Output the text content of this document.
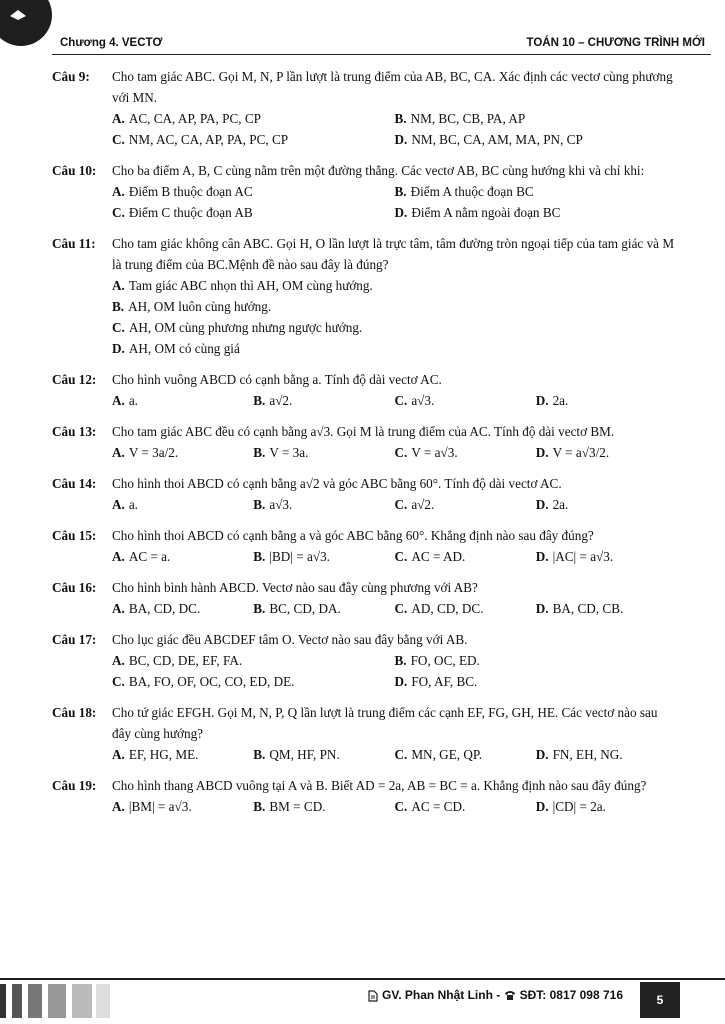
Chương 4. VECTƠ	TOÁN 10 – CHƯƠNG TRÌNH MỚI
Câu 9: Cho tam giác ABC. Gọi M, N, P lần lượt là trung điểm của AB, BC, CA. Xác định các vectơ cùng phương với MN.
A. AC, CA, AP, PA, PC, CP	B. NM, BC, CB, PA, AP
C. NM, AC, CA, AP, PA, PC, CP	D. NM, BC, CA, AM, MA, PN, CP
Câu 10: Cho ba điểm A, B, C cùng nằm trên một đường thẳng. Các vectơ AB, BC cùng hướng khi và chỉ khi:
A. Điểm B thuộc đoạn AC	B. Điểm A thuộc đoạn BC
C. Điểm C thuộc đoạn AB	D. Điểm A nằm ngoài đoạn BC
Câu 11: Cho tam giác không cân ABC. Gọi H, O lần lượt là trực tâm, tâm đường tròn ngoại tiếp của tam giác và M là trung điểm của BC.Mệnh đề nào sau đây là đúng?
A. Tam giác ABC nhọn thì AH, OM cùng hướng.
B. AH, OM luôn cùng hướng.
C. AH, OM cùng phương nhưng ngược hướng.
D. AH, OM có cùng giá
Câu 12: Cho hình vuông ABCD có cạnh bằng a. Tính độ dài vectơ AC.
A. a.	B. a√2.	C. a√3.	D. 2a.
Câu 13: Cho tam giác ABC đều có cạnh bằng a√3. Gọi M là trung điểm của AC. Tính độ dài vectơ BM.
A. V = 3a/2.	B. V = 3a.	C. V = a√3.	D. V = a√3/2.
Câu 14: Cho hình thoi ABCD có cạnh bằng a√2 và góc ABC bằng 60°. Tính độ dài vectơ AC.
A. a.	B. a√3.	C. a√2.	D. 2a.
Câu 15: Cho hình thoi ABCD có cạnh bằng a và góc ABC bằng 60°. Khẳng định nào sau đây đúng?
A. AC = a.	B. |BD| = a√3.	C. AC = AD.	D. |AC| = a√3.
Câu 16: Cho hình bình hành ABCD. Vectơ nào sau đây cùng phương với AB?
A. BA, CD, DC.	B. BC, CD, DA.	C. AD, CD, DC.	D. BA, CD, CB.
Câu 17: Cho lục giác đều ABCDEF tâm O. Vectơ nào sau đây bằng với AB.
A. BC, CD, DE, EF, FA.	B. FO, OC, ED.
C. BA, FO, OF, OC, CO, ED, DE.	D. FO, AF, BC.
Câu 18: Cho tứ giác EFGH. Gọi M, N, P, Q lần lượt là trung điểm các cạnh EF, FG, GH, HE. Các vectơ nào sau đây cùng hướng?
A. EF, HG, ME.	B. QM, HF, PN.	C. MN, GE, QP.	D. FN, EH, NG.
Câu 19: Cho hình thang ABCD vuông tại A và B. Biết AD = 2a, AB = BC = a. Khẳng định nào sau đây đúng?
A. |BM| = a√3.	B. BM = CD.	C. AC = CD.	D. |CD| = 2a.
GV. Phan Nhật Linh - SĐT: 0817 098 716	5
